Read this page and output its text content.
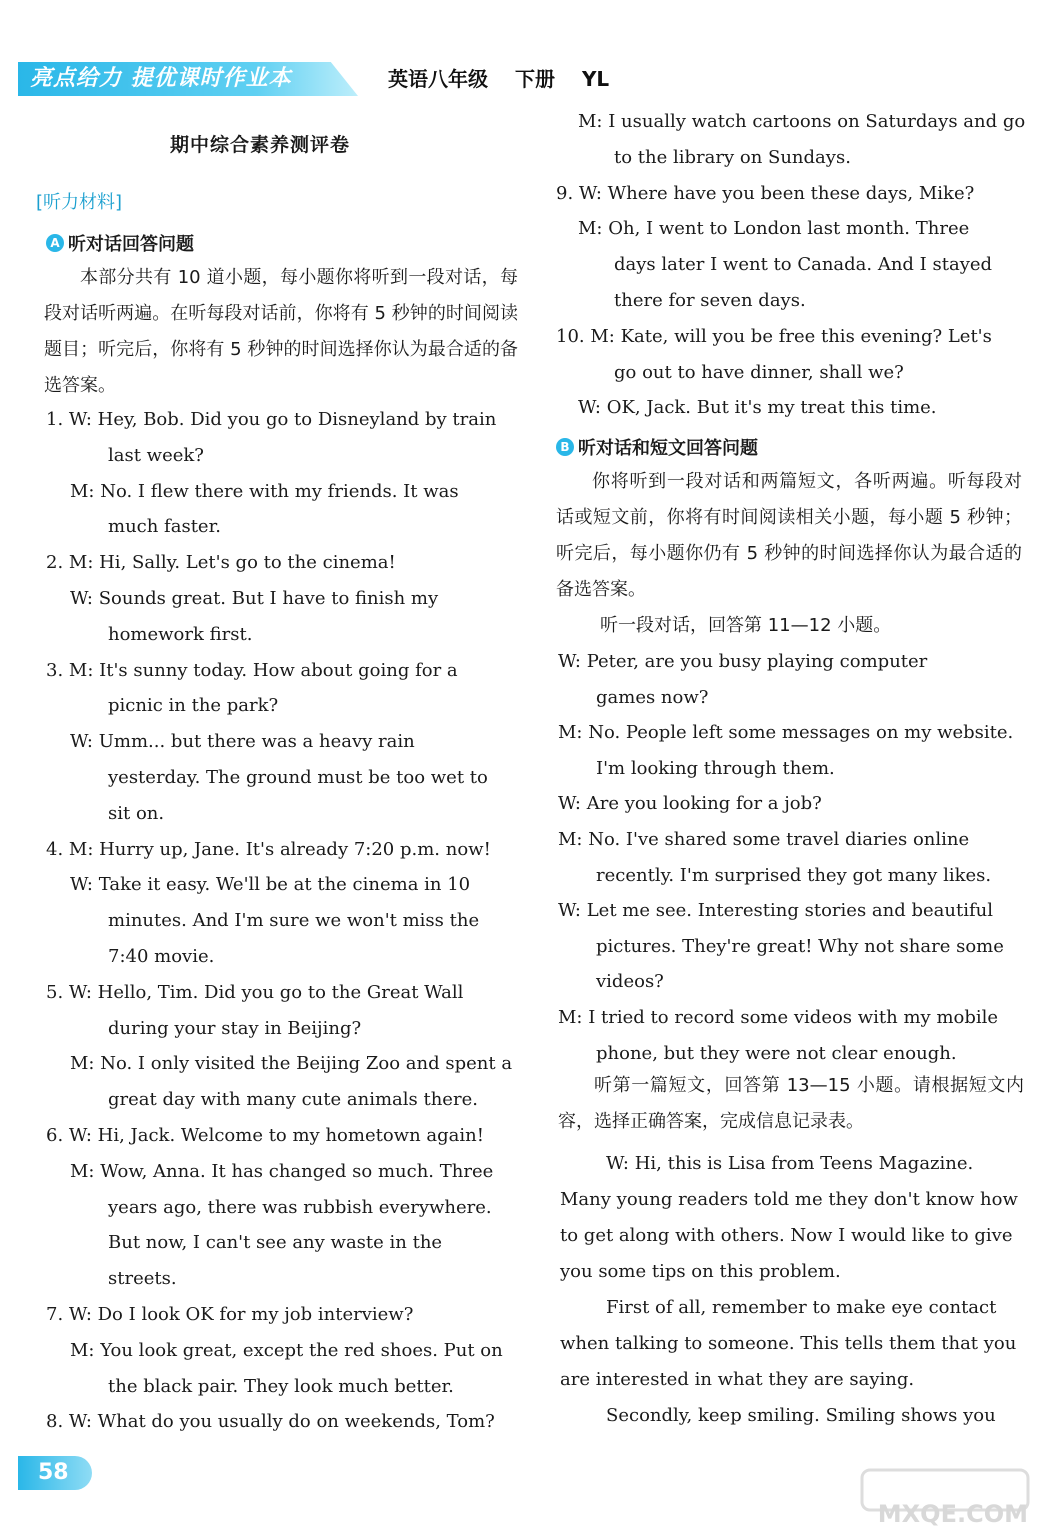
亮点给力 提优课时作业本	英语八年级 下册 YL
期中综合素养测评卷
[听力材料]
A 听对话回答问题
本部分共有 10 道小题，每小题你将听到一段对话，每段对话听两遍。在听每段对话前，你将有 5 秒钟的时间阅读题目；听完后，你将有 5 秒钟的时间选择你认为最合适的备选答案。
1. W: Hey, Bob. Did you go to Disneyland by train
last week?
M: No. I flew there with my friends. It was
much faster.
2. M: Hi, Sally. Let's go to the cinema!
W: Sounds great. But I have to finish my
homework first.
3. M: It's sunny today. How about going for a
picnic in the park?
W: Umm... but there was a heavy rain
yesterday. The ground must be too wet to
sit on.
4. M: Hurry up, Jane. It's already 7:20 p.m. now!
W: Take it easy. We'll be at the cinema in 10
minutes. And I'm sure we won't miss the
7:40 movie.
5. W: Hello, Tim. Did you go to the Great Wall
during your stay in Beijing?
M: No. I only visited the Beijing Zoo and spent a
great day with many cute animals there.
6. W: Hi, Jack. Welcome to my hometown again!
M: Wow, Anna. It has changed so much. Three
years ago, there was rubbish everywhere.
But now, I can't see any waste in the
streets.
7. W: Do I look OK for my job interview?
M: You look great, except the red shoes. Put on
the black pair. They look much better.
8. W: What do you usually do on weekends, Tom?
M: I usually watch cartoons on Saturdays and go
to the library on Sundays.
9. W: Where have you been these days, Mike?
M: Oh, I went to London last month. Three
days later I went to Canada. And I stayed
there for seven days.
10. M: Kate, will you be free this evening? Let's
go out to have dinner, shall we?
W: OK, Jack. But it's my treat this time.
B 听对话和短文回答问题
你将听到一段对话和两篇短文，各听两遍。听每段对话或短文前，你将有时间阅读相关小题，每小题 5 秒钟；听完后，每小题你仍有 5 秒钟的时间选择你认为最合适的备选答案。
听一段对话，回答第 11—12 小题。
W: Peter, are you busy playing computer
games now?
M: No. People left some messages on my website.
I'm looking through them.
W: Are you looking for a job?
M: No. I've shared some travel diaries online
recently. I'm surprised they got many likes.
W: Let me see. Interesting stories and beautiful
pictures. They're great! Why not share some
videos?
M: I tried to record some videos with my mobile
phone, but they were not clear enough.
听第一篇短文，回答第 13—15 小题。请根据短文内容，选择正确答案，完成信息记录表。
W: Hi, this is Lisa from Teens Magazine.
Many young readers told me they don't know how
to get along with others. Now I would like to give
you some tips on this problem.
First of all, remember to make eye contact
when talking to someone. This tells them that you
are interested in what they are saying.
Secondly, keep smiling. Smiling shows you
58
MXQE.COM
